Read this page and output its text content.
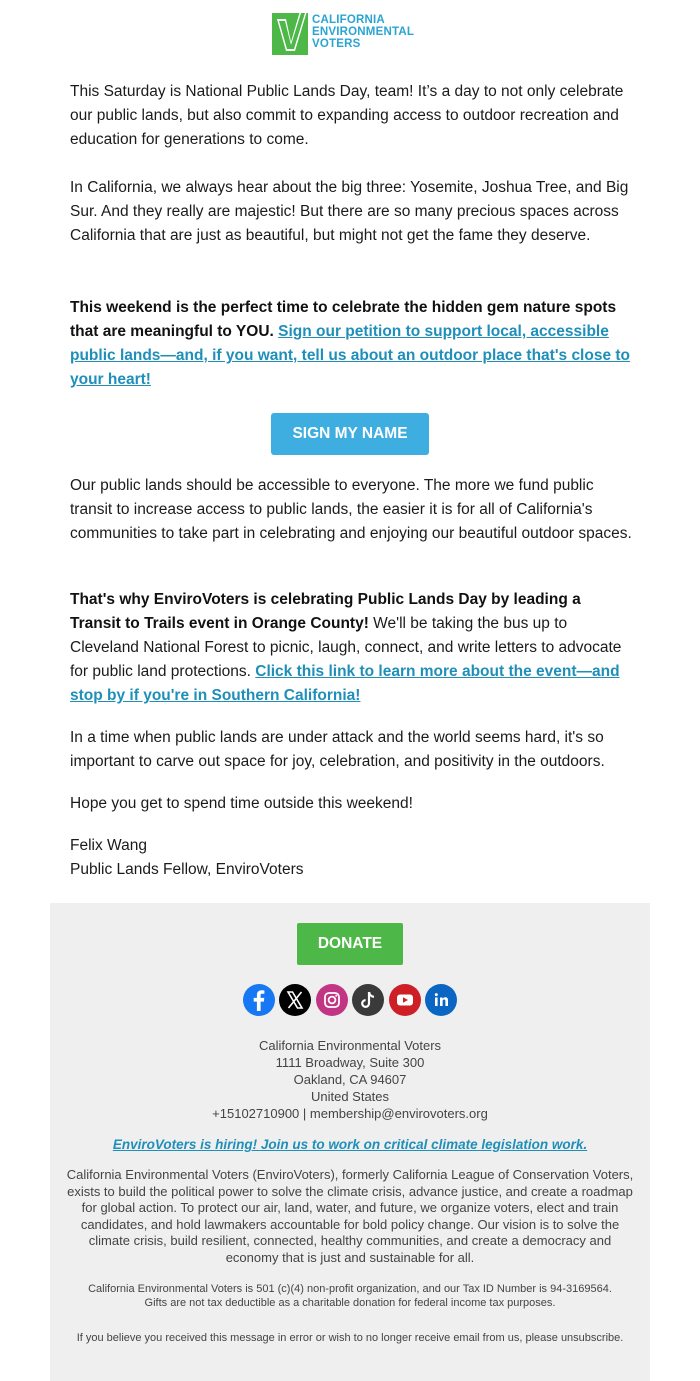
CALIFORNIA
ENVIRONMENTAL
VOTERS

This Saturday is National Public Lands Day, team! It’s a day to not only celebrate our public lands, but also commit to expanding access to outdoor recreation and education for generations to come.

In California, we always hear about the big three: Yosemite, Joshua Tree, and Big Sur. And they really are majestic! But there are so many precious spaces across California that are just as beautiful, but might not get the fame they deserve.

This weekend is the perfect time to celebrate the hidden gem nature spots that are meaningful to YOU. Sign our petition to support local, accessible public lands—and, if you want, tell us about an outdoor place that's close to your heart!

Our public lands should be accessible to everyone. The more we fund public transit to increase access to public lands, the easier it is for all of California's communities to take part in celebrating and enjoying our beautiful outdoor spaces.

That's why EnviroVoters is celebrating Public Lands Day by leading a Transit to Trails event in Orange County! We'll be taking the bus up to Cleveland National Forest to picnic, laugh, connect, and write letters to advocate for public land protections. Click this link to learn more about the event—and stop by if you're in Southern California!

In a time when public lands are under attack and the world seems hard, it's so important to carve out space for joy, celebration, and positivity in the outdoors.

Hope you get to spend time outside this weekend!

Felix Wang
Public Lands Fellow, EnviroVoters

SIGN MY NAME
DONATE
California Environmental Voters
1111 Broadway, Suite 300
Oakland, CA 94607
United States
+15102710900 | membership@envirovoters.org
EnviroVoters is hiring! Join us to work on critical climate legislation work.

California Environmental Voters (EnviroVoters), formerly California League of Conservation Voters, exists to build the political power to solve the climate crisis, advance justice, and create a roadmap for global action. To protect our air, land, water, and future, we organize voters, elect and train candidates, and hold lawmakers accountable for bold policy change. Our vision is to solve the climate crisis, build resilient, connected, healthy communities, and create a democracy and economy that is just and sustainable for all.

California Environmental Voters is 501 (c)(4) non-profit organization, and our Tax ID Number is 94-3169564.
Gifts are not tax deductible as a charitable donation for federal income tax purposes.

If you believe you received this message in error or wish to no longer receive email from us, please unsubscribe.
